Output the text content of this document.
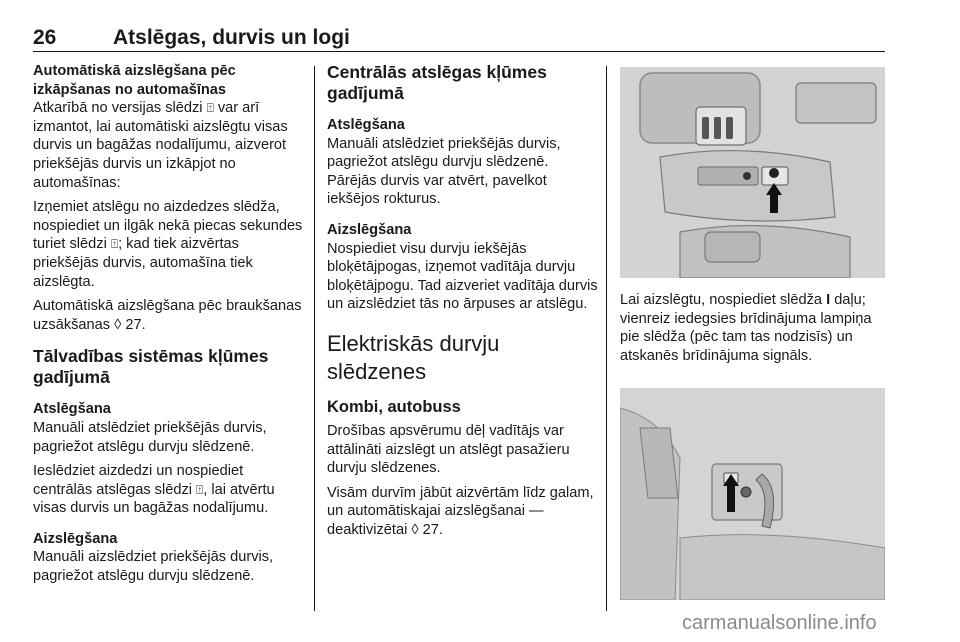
26	Atslēgas, durvis un logi

Automātiskā aizslēgšana pēc izkāpšanas no automašīnas

Atkarībā no versijas slēdzi ⍐ var arī izmantot, lai automātiski aizslēgtu visas durvis un bagāžas nodalījumu, aizverot priekšējās durvis un izkāpjot no automašīnas:

Izņemiet atslēgu no aizdedzes slēdža, nospiediet un ilgāk nekā piecas sekundes turiet slēdzi ⍐; kad tiek aizvērtas priekšējās durvis, automašīna tiek aizslēgta.

Automātiskā aizslēgšana pēc braukšanas uzsākšanas ◊ 27.

Tālvadības sistēmas kļūmes gadījumā

Atslēgšana

Manuāli atslēdziet priekšējās durvis, pagriežot atslēgu durvju slēdzenē.

Ieslēdziet aizdedzi un nospiediet centrālās atslēgas slēdzi ⍐, lai atvērtu visas durvis un bagāžas nodalījumu.

Aizslēgšana

Manuāli aizslēdziet priekšējās durvis, pagriežot atslēgu durvju slēdzenē.

Centrālās atslēgas kļūmes gadījumā

Atslēgšana

Manuāli atslēdziet priekšējās durvis, pagriežot atslēgu durvju slēdzenē. Pārējās durvis var atvērt, pavelkot iekšējos rokturus.

Aizslēgšana

Nospiediet visu durvju iekšējās bloķētājpogas, izņemot vadītāja durvju bloķētājpogu. Tad aizveriet vadītāja durvis un aizslēdziet tās no ārpuses ar atslēgu.

Elektriskās durvju slēdzenes

Kombi, autobuss

Drošības apsvērumu dēļ vadītājs var attālināti aizslēgt un atslēgt pasažieru durvju slēdzenes.

Visām durvīm jābūt aizvērtām līdz galam, un automātiskajai aizslēgšanai — deaktivizētai ◊ 27.

Lai aizslēgtu, nospiediet slēdža I daļu; vienreiz iedegsies brīdinājuma lampiņa pie slēdža (pēc tam tas nodzisīs) un atskanēs brīdinājuma signāls.

carmanualsonline.info
